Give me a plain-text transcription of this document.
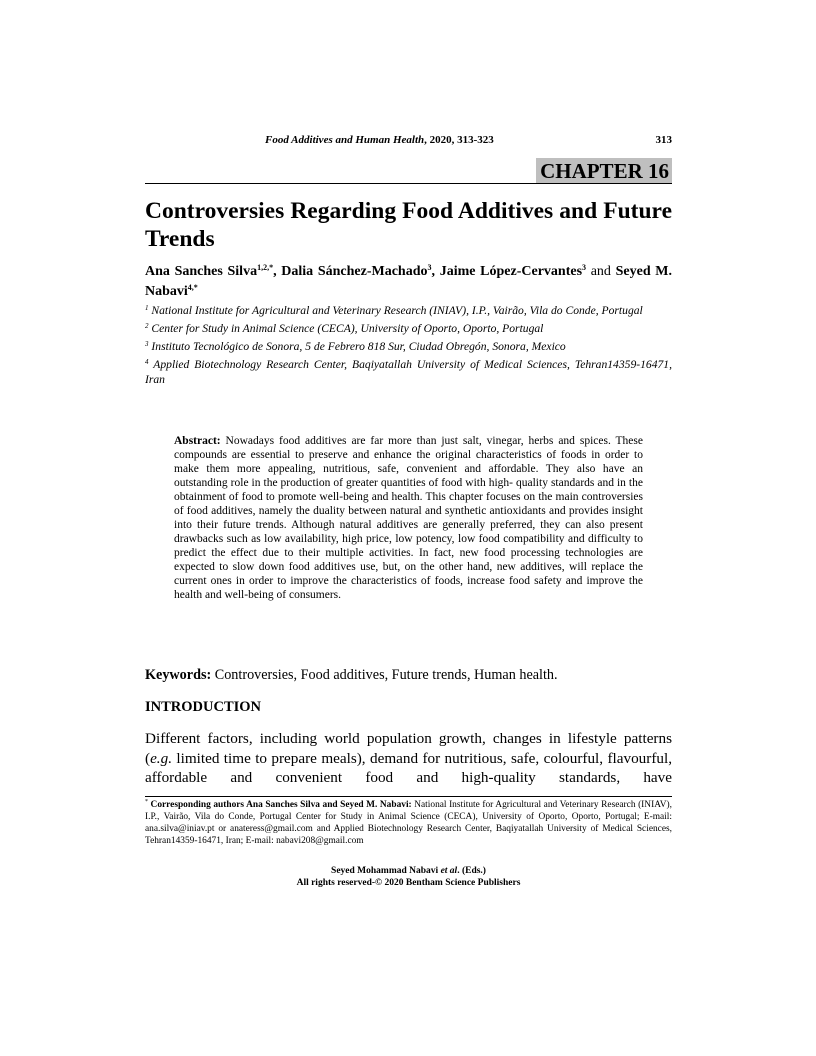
Food Additives and Human Health, 2020, 313-323	313
CHAPTER 16
Controversies Regarding Food Additives and Future Trends
Ana Sanches Silva$^{1,2,*}$, Dalia Sánchez-Machado$^3$, Jaime López-Cervantes$^3$ and Seyed M. Nabavi$^{4,*}$

$^1$ National Institute for Agricultural and Veterinary Research (INIAV), I.P., Vairão, Vila do Conde, Portugal

$^2$ Center for Study in Animal Science (CECA), University of Oporto, Oporto, Portugal

$^3$ Instituto Tecnológico de Sonora, 5 de Febrero 818 Sur, Ciudad Obregón, Sonora, Mexico

$^4$ Applied Biotechnology Research Center, Baqiyatallah University of Medical Sciences, Tehran14359-16471, Iran

Abstract: Nowadays food additives are far more than just salt, vinegar, herbs and spices. These compounds are essential to preserve and enhance the original characteristics of foods in order to make them more appealing, nutritious, safe, convenient and affordable. They also have an outstanding role in the production of greater quantities of food with high- quality standards and in the obtainment of food to promote well-being and health. This chapter focuses on the main controversies of food additives, namely the duality between natural and synthetic antioxidants and provides insight into their future trends. Although natural additives are generally preferred, they can also present drawbacks such as low availability, high price, low potency, low food compatibility and difficulty to predict the effect due to their multiple activities. In fact, new food processing technologies are expected to slow down food additives use, but, on the other hand, new additives, will replace the current ones in order to improve the characteristics of foods, increase food safety and improve the health and well-being of consumers.
Keywords: Controversies, Food additives, Future trends, Human health.
INTRODUCTION

Different factors, including world population growth, changes in lifestyle patterns (e.g. limited time to prepare meals), demand for nutritious, safe, colourful, flavourful, affordable and convenient food and high-quality standards, have

* Corresponding authors Ana Sanches Silva and Seyed M. Nabavi: National Institute for Agricultural and Veterinary Research (INIAV), I.P., Vairão, Vila do Conde, Portugal Center for Study in Animal Science (CECA), University of Oporto, Oporto, Portugal; E-mail: ana.silva@iniav.pt or anateress@gmail.com and Applied Biotechnology Research Center, Baqiyatallah University of Medical Sciences, Tehran14359-16471, Iran; E-mail: nabavi208@gmail.com

Seyed Mohammad Nabavi et al. (Eds.)
All rights reserved-© 2020 Bentham Science Publishers
